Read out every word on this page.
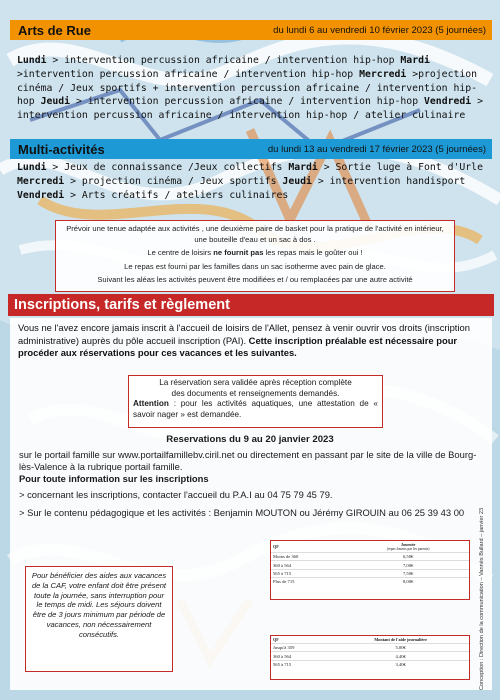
Arts de Rue	du lundi 6 au vendredi 10 février 2023 (5 journées)
Lundi > intervention percussion africaine / intervention hip-hop Mardi >intervention percussion africaine / intervention hip-hop Mercredi >projection cinéma / Jeux sportifs + intervention percussion africaine / intervention hip-hop Jeudi > intervention percussion africaine / intervention hip-hop Vendredi > intervention percussion africaine / intervention hip-hop / atelier culinaire
Multi-activités	du lundi 13 au vendredi 17 février 2023 (5 journées)
Lundi > Jeux de connaissance /Jeux collectifs Mardi > Sortie luge à Font d'Urle
Mercredi > projection cinéma / Jeux sportifs Jeudi > intervention handisport
Vendredi > Arts créatifs / ateliers culinaires

Prévoir une tenue adaptée aux activités , une deuxième paire de basket pour la pratique de l'activité en intérieur, une bouteille d'eau et un sac à dos .

Le centre de loisirs ne fournit pas les repas mais le goûter oui !

Le repas est fourni par les familles dans un sac isotherme avec pain de glace.

Suivant les aléas les activités peuvent être modifiées et / ou remplacées par une autre activité

Inscriptions, tarifs et règlement
Vous ne l'avez encore jamais inscrit à l'accueil de loisirs de l'Allet, pensez à venir ouvrir vos droits (inscription administrative) auprès du pôle accueil inscription (PAI). Cette inscription préalable est nécessaire pour procéder aux réservations pour ces vacances et les suivantes.
La réservation sera validée après réception complète
des documents et renseignements demandés.
Attention : pour les activités aquatiques, une attestation de « savoir nager » est demandée.
Reservations du 9 au 20 janvier 2023
sur le portail famille sur www.portailfamillebv.ciril.net ou directement en passant par le site de la ville de Bourg-lès-Valence à la rubrique portail famille.
Pour toute information sur les inscriptions
> concernant les inscriptions, contacter l'accueil du P.A.I au 04 75 79 45 79.
> Sur le contenu pédagogique et les activités : Benjamin MOUTON ou Jérémy GIROUIN au 06 25 39 43 00
Pour bénéficier des aides aux vacances de la CAF, votre enfant doit être présent toute la journée, sans interruption pour le temps de midi. Les séjours doivent être de 3 jours minimum par période de vacances, non nécessairement consécutifs.
QF	Journée
(repas fournis par les parents)

Moins de 360	6,50€
360 à 564	7,00€
565 à 715	7,50€
Plus de 715	8,00€
QF	Montant de l'aide journalière
Jusqu'à 359	5,00€
360 à 564	4,40€
565 à 715	3,40€	Conception : Direction de la communication – Vannès Bullard – janvier 23
